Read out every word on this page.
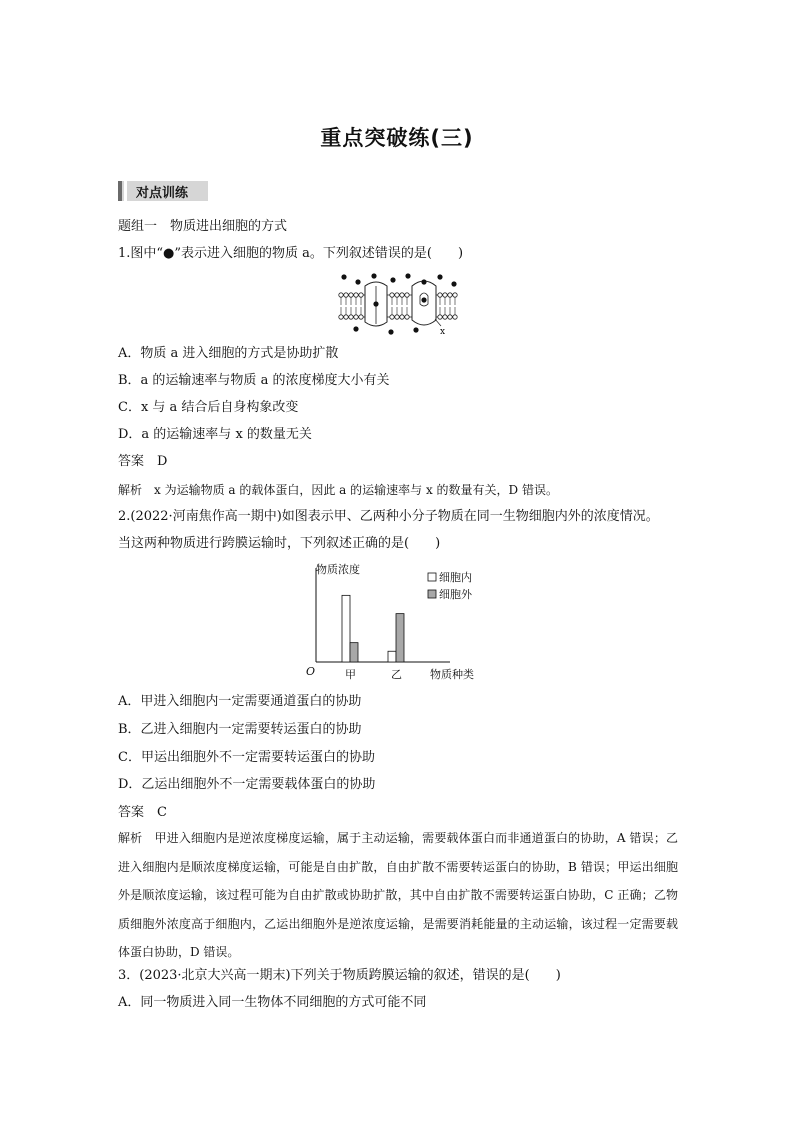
重点突破练(三)
对点训练
题组一　物质进出细胞的方式
1.图中“●”表示进入细胞的物质 a。下列叙述错误的是(　　)
x
A．物质 a 进入细胞的方式是协助扩散
B．a 的运输速率与物质 a 的浓度梯度大小有关
C．x 与 a 结合后自身构象改变
D．a 的运输速率与 x 的数量无关
答案　D
解析　x 为运输物质 a 的载体蛋白，因此 a 的运输速率与 x 的数量有关，D 错误。
2.(2022·河南焦作高一期中)如图表示甲、乙两种小分子物质在同一生物细胞内外的浓度情况。
当这两种物质进行跨膜运输时，下列叙述正确的是(　　)
物质浓度
物质种类
O	甲	乙
细胞内
细胞外
A．甲进入细胞内一定需要通道蛋白的协助
B．乙进入细胞内一定需要转运蛋白的协助
C．甲运出细胞外不一定需要转运蛋白的协助
D．乙运出细胞外不一定需要载体蛋白的协助
答案　C
解析　甲进入细胞内是逆浓度梯度运输，属于主动运输，需要载体蛋白而非通道蛋白的协助，A 错误；乙进入细胞内是顺浓度梯度运输，可能是自由扩散，自由扩散不需要转运蛋白的协助，B 错误；甲运出细胞外是顺浓度运输，该过程可能为自由扩散或协助扩散，其中自由扩散不需要转运蛋白协助，C 正确；乙物质细胞外浓度高于细胞内，乙运出细胞外是逆浓度运输，是需要消耗能量的主动运输，该过程一定需要载体蛋白协助，D 错误。
3．(2023·北京大兴高一期末)下列关于物质跨膜运输的叙述，错误的是(　　)
A．同一物质进入同一生物体不同细胞的方式可能不同
